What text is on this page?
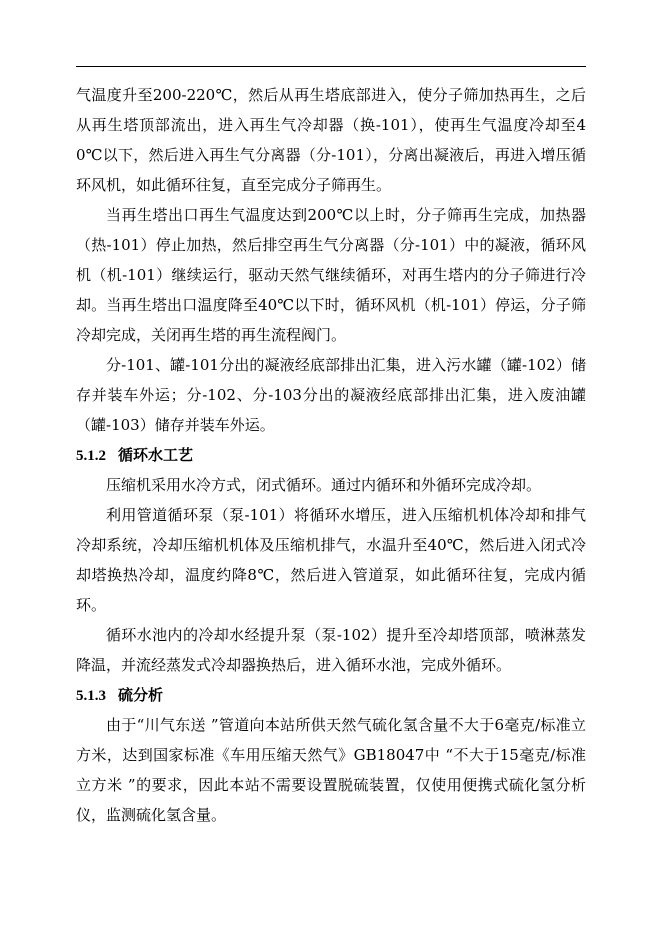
气温度升至200-220℃，然后从再生塔底部进入，使分子筛加热再生，之后从再生塔顶部流出，进入再生气冷却器（换-101），使再生气温度冷却至40℃以下，然后进入再生气分离器（分-101），分离出凝液后，再进入增压循环风机，如此循环往复，直至完成分子筛再生。

当再生塔出口再生气温度达到200℃以上时，分子筛再生完成，加热器（热-101）停止加热，然后排空再生气分离器（分-101）中的凝液，循环风机（机-101）继续运行，驱动天然气继续循环，对再生塔内的分子筛进行冷却。当再生塔出口温度降至40℃以下时，循环风机（机-101）停运，分子筛冷却完成，关闭再生塔的再生流程阀门。

分-101、罐-101分出的凝液经底部排出汇集，进入污水罐（罐-102）储存并装车外运；分-102、分-103分出的凝液经底部排出汇集，进入废油罐（罐-103）储存并装车外运。

5.1.2 循环水工艺

压缩机采用水冷方式，闭式循环。通过内循环和外循环完成冷却。

利用管道循环泵（泵-101）将循环水增压，进入压缩机机体冷却和排气冷却系统，冷却压缩机机体及压缩机排气，水温升至40℃，然后进入闭式冷却塔换热冷却，温度约降8℃，然后进入管道泵，如此循环往复，完成内循环。

循环水池内的冷却水经提升泵（泵-102）提升至冷却塔顶部，喷淋蒸发降温，并流经蒸发式冷却器换热后，进入循环水池，完成外循环。

5.1.3 硫分析

由于“川气东送 ”管道向本站所供天然气硫化氢含量不大于6毫克/标准立方米，达到国家标准《车用压缩天然气》GB18047中 “不大于15毫克/标准立方米 ”的要求，因此本站不需要设置脱硫装置，仅使用便携式硫化氢分析仪，监测硫化氢含量。
